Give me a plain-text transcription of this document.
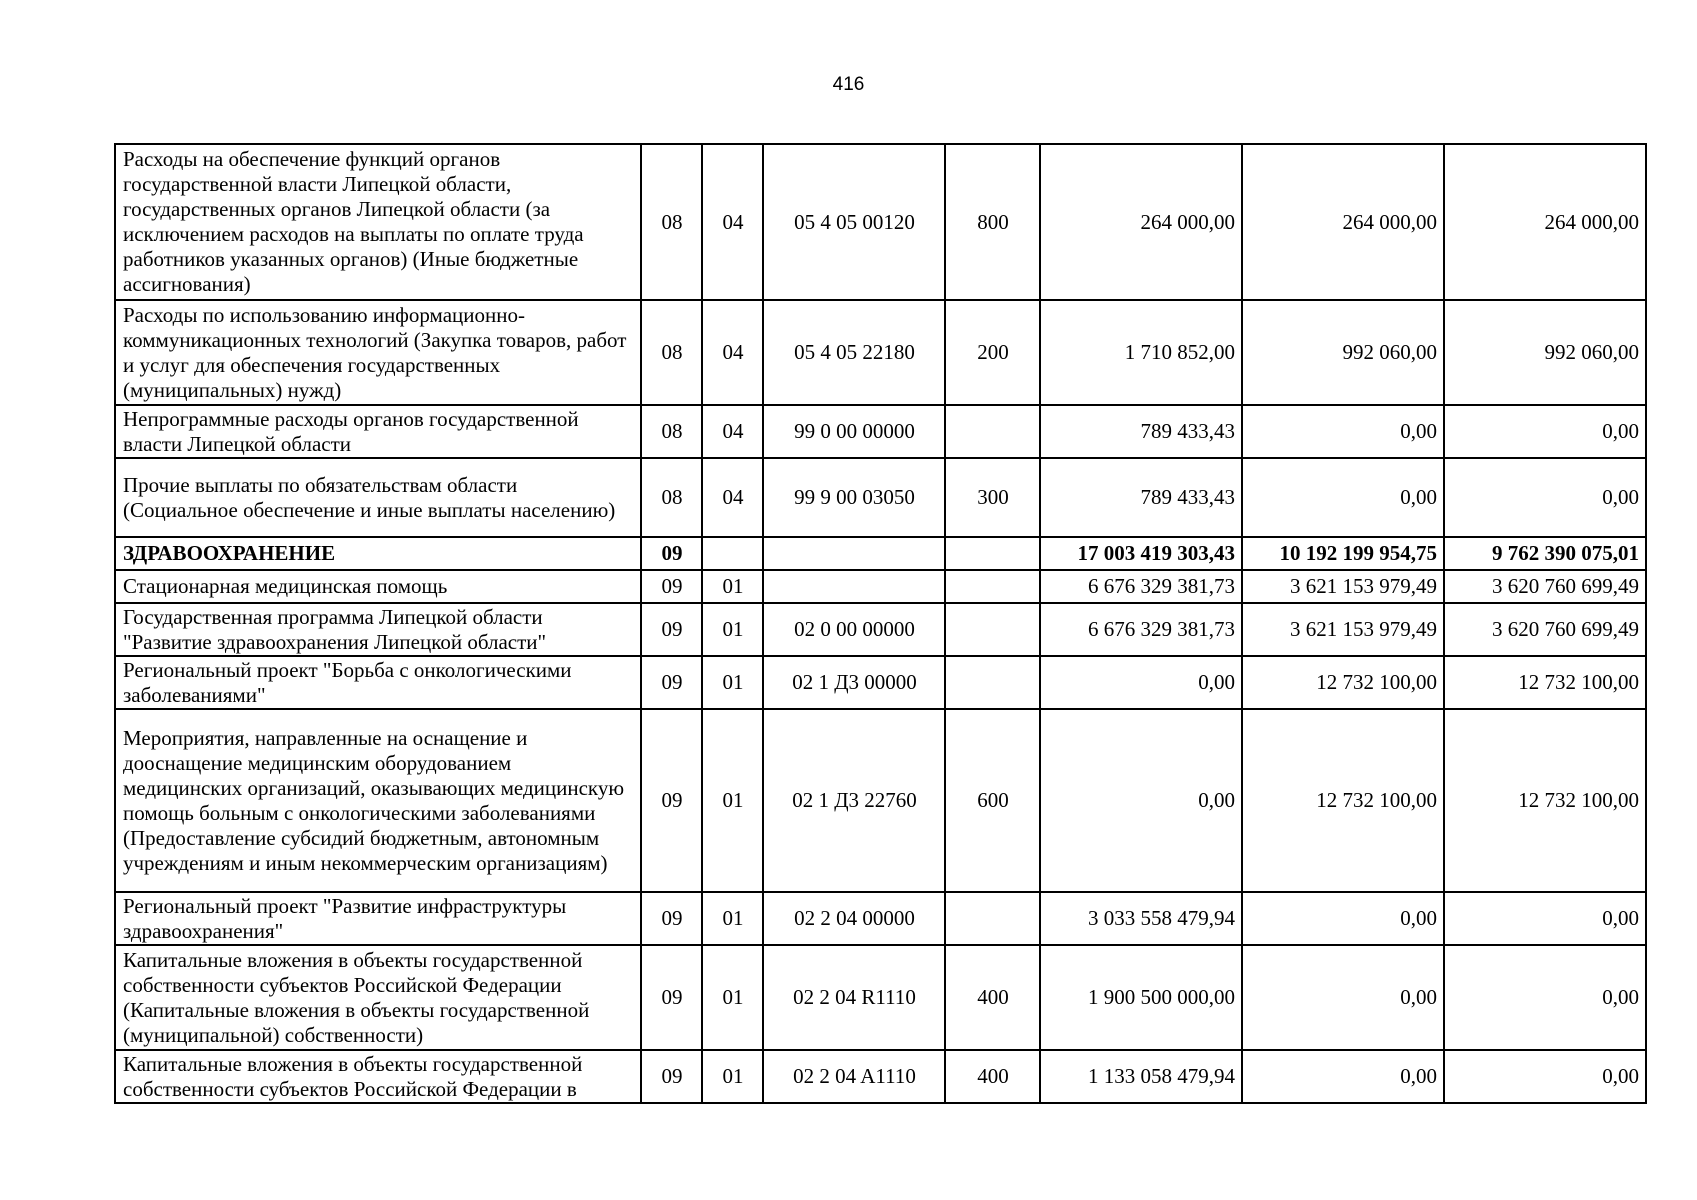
416
Расходы на обеспечение функций органов государственной власти Липецкой области, государственных органов Липецкой области (за исключением расходов на выплаты по оплате труда работников указанных органов) (Иные бюджетные ассигнования)	08	04	05 4 05 00120	800	264 000,00	264 000,00	264 000,00
Расходы по использованию информационно-коммуникационных технологий (Закупка товаров, работ и услуг для обеспечения государственных (муниципальных) нужд)	08	04	05 4 05 22180	200	1 710 852,00	992 060,00	992 060,00
Непрограммные расходы органов государственной власти Липецкой области	08	04	99 0 00 00000		789 433,43	0,00	0,00
Прочие выплаты по обязательствам области (Социальное обеспечение и иные выплаты населению)	08	04	99 9 00 03050	300	789 433,43	0,00	0,00
ЗДРАВООХРАНЕНИЕ	09				17 003 419 303,43	10 192 199 954,75	9 762 390 075,01
Стационарная медицинская помощь	09	01			6 676 329 381,73	3 621 153 979,49	3 620 760 699,49
Государственная программа Липецкой области "Развитие здравоохранения Липецкой области"	09	01	02 0 00 00000		6 676 329 381,73	3 621 153 979,49	3 620 760 699,49
Региональный проект "Борьба с онкологическими заболеваниями"	09	01	02 1 Д3 00000		0,00	12 732 100,00	12 732 100,00
Мероприятия, направленные на оснащение и дооснащение медицинским оборудованием медицинских организаций, оказывающих медицинскую помощь больным с онкологическими заболеваниями (Предоставление субсидий бюджетным, автономным учреждениям и иным некоммерческим организациям)	09	01	02 1 Д3 22760	600	0,00	12 732 100,00	12 732 100,00
Региональный проект "Развитие инфраструктуры здравоохранения"	09	01	02 2 04 00000		3 033 558 479,94	0,00	0,00
Капитальные вложения в объекты государственной собственности субъектов Российской Федерации (Капитальные вложения в объекты государственной (муниципальной) собственности)	09	01	02 2 04 R1110	400	1 900 500 000,00	0,00	0,00
Капитальные вложения в объекты государственной собственности субъектов Российской Федерации в	09	01	02 2 04 A1110	400	1 133 058 479,94	0,00	0,00
